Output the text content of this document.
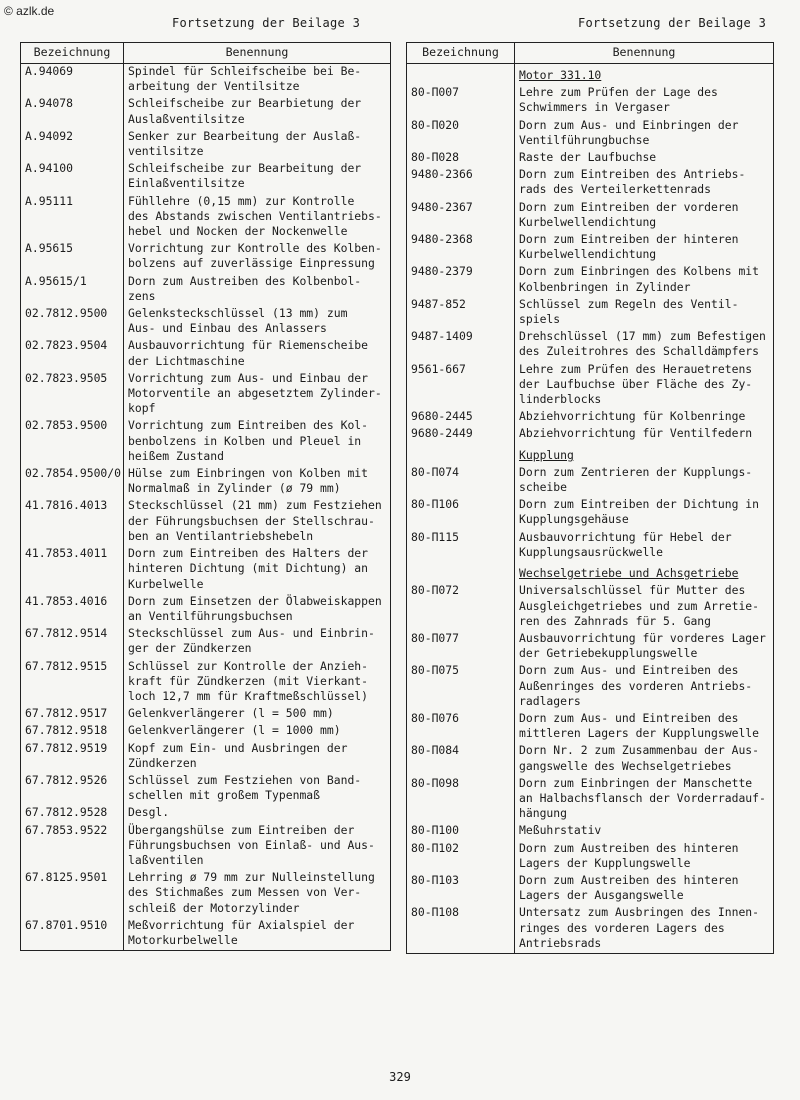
© azlk.de
Fortsetzung der Beilage 3	Fortsetzung der Beilage 3
Bezeichnung	Benennung
A.94069	Spindel für Schleifscheibe bei Be-
arbeitung der Ventilsitze
A.94078	Schleifscheibe zur Bearbietung der
Auslaßventilsitze
A.94092	Senker zur Bearbeitung der Auslaß-
ventilsitze
A.94100	Schleifscheibe zur Bearbeitung der
Einlaßventilsitze
A.95111	Fühllehre (0,15 mm) zur Kontrolle
des Abstands zwischen Ventilantriebs-
hebel und Nocken der Nockenwelle
A.95615	Vorrichtung zur Kontrolle des Kolben-
bolzens auf zuverlässige Einpressung
A.95615/1	Dorn zum Austreiben des Kolbenbol-
zens
02.7812.9500	Gelenksteckschlüssel (13 mm) zum
Aus- und Einbau des Anlassers
02.7823.9504	Ausbauvorrichtung für Riemenscheibe
der Lichtmaschine
02.7823.9505	Vorrichtung zum Aus- und Einbau der
Motorventile an abgesetztem Zylinder-
kopf
02.7853.9500	Vorrichtung zum Eintreiben des Kol-
benbolzens in Kolben und Pleuel in
heißem Zustand
02.7854.9500/0	Hülse zum Einbringen von Kolben mit
Normalmaß in Zylinder (ø 79 mm)
41.7816.4013	Steckschlüssel (21 mm) zum Festziehen
der Führungsbuchsen der Stellschrau-
ben an Ventilantriebshebeln
41.7853.4011	Dorn zum Eintreiben des Halters der
hinteren Dichtung (mit Dichtung) an
Kurbelwelle
41.7853.4016	Dorn zum Einsetzen der Ölabweiskappen
an Ventilführungsbuchsen
67.7812.9514	Steckschlüssel zum Aus- und Einbrin-
ger der Zündkerzen
67.7812.9515	Schlüssel zur Kontrolle der Anzieh-
kraft für Zündkerzen (mit Vierkant-
loch 12,7 mm für Kraftmeßschlüssel)
67.7812.9517	Gelenkverlängerer (l = 500 mm)
67.7812.9518	Gelenkverlängerer (l = 1000 mm)
67.7812.9519	Kopf zum Ein- und Ausbringen der
Zündkerzen
67.7812.9526	Schlüssel zum Festziehen von Band-
schellen mit großem Typenmaß
67.7812.9528	Desgl.
67.7853.9522	Übergangshülse zum Eintreiben der
Führungsbuchsen von Einlaß- und Aus-
laßventilen
67.8125.9501	Lehrring ø 79 mm zur Nulleinstellung
des Stichmaßes zum Messen von Ver-
schleiß der Motorzylinder
67.8701.9510	Meßvorrichtung für Axialspiel der
Motorkurbelwelle
Bezeichnung	Benennung
	Motor 331.10
80-П007	Lehre zum Prüfen der Lage des
Schwimmers in Vergaser
80-П020	Dorn zum Aus- und Einbringen der
Ventilführungbuchse
80-П028	Raste der Laufbuchse
9480-2366	Dorn zum Eintreiben des Antriebs-
rads des Verteilerkettenrads
9480-2367	Dorn zum Eintreiben der vorderen
Kurbelwellendichtung
9480-2368	Dorn zum Eintreiben der hinteren
Kurbelwellendichtung
9480-2379	Dorn zum Einbringen des Kolbens mit
Kolbenbringen in Zylinder
9487-852	Schlüssel zum Regeln des Ventil-
spiels
9487-1409	Drehschlüssel (17 mm) zum Befestigen
des Zuleitrohres des Schalldämpfers
9561-667	Lehre zum Prüfen des Herauetretens
der Laufbuchse über Fläche des Zy-
linderblocks
9680-2445	Abziehvorrichtung für Kolbenringe
9680-2449	Abziehvorrichtung für Ventilfedern
	Kupplung
80-П074	Dorn zum Zentrieren der Kupplungs-
scheibe
80-П106	Dorn zum Eintreiben der Dichtung in
Kupplungsgehäuse
80-П115	Ausbauvorrichtung für Hebel der
Kupplungsausrückwelle
	Wechselgetriebe und Achsgetriebe
80-П072	Universalschlüssel für Mutter des
Ausgleichgetriebes und zum Arretie-
ren des Zahnrads für 5. Gang
80-П077	Ausbauvorrichtung für vorderes Lager
der Getriebekupplungswelle
80-П075	Dorn zum Aus- und Eintreiben des
Außenringes des vorderen Antriebs-
radlagers
80-П076	Dorn zum Aus- und Eintreiben des
mittleren Lagers der Kupplungswelle
80-П084	Dorn Nr. 2 zum Zusammenbau der Aus-
gangswelle des Wechselgetriebes
80-П098	Dorn zum Einbringen der Manschette
an Halbachsflansch der Vorderradauf-
hängung
80-П100	Meßuhrstativ
80-П102	Dorn zum Austreiben des hinteren
Lagers der Kupplungswelle
80-П103	Dorn zum Austreiben des hinteren
Lagers der Ausgangswelle
80-П108	Untersatz zum Ausbringen des Innen-
ringes des vorderen Lagers des
Antriebsrads
329
